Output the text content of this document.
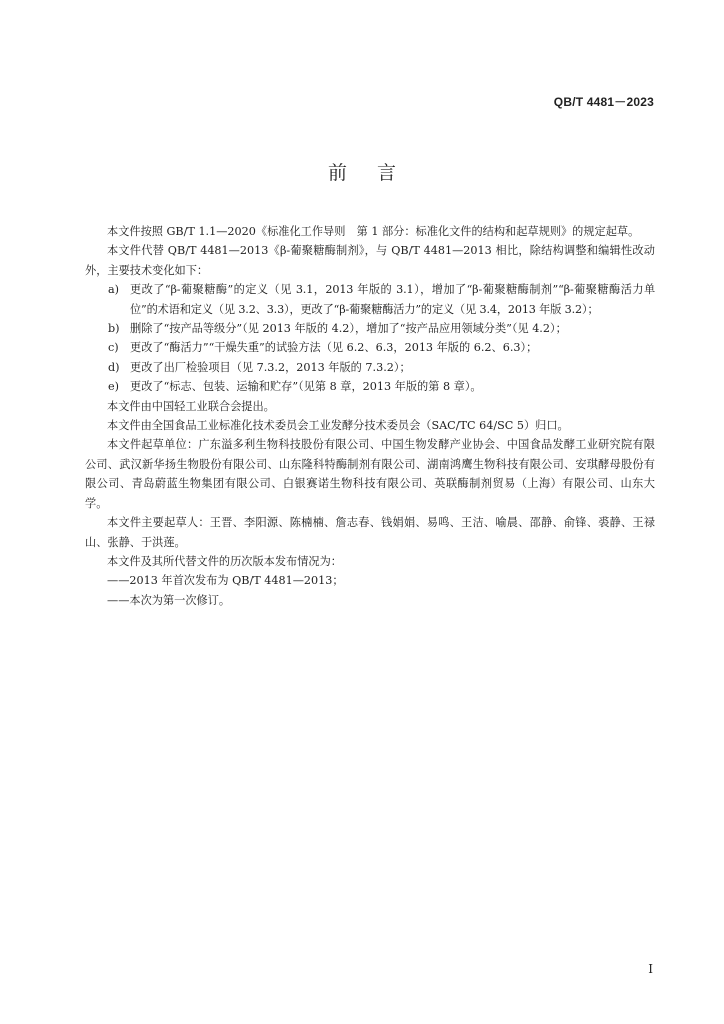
QB/T 4481－2023
前言

本文件按照 GB/T 1.1—2020《标准化工作导则　第 1 部分：标准化文件的结构和起草规则》的规定起草。

本文件代替 QB/T 4481—2013《β-葡聚糖酶制剂》，与 QB/T 4481—2013 相比，除结构调整和编辑性改动外，主要技术变化如下：

a) 更改了“β-葡聚糖酶”的定义（见 3.1，2013 年版的 3.1），增加了“β-葡聚糖酶制剂”“β-葡聚糖酶活力单位”的术语和定义（见 3.2、3.3），更改了“β-葡聚糖酶活力”的定义（见 3.4，2013 年版 3.2）；
b) 删除了“按产品等级分”（见 2013 年版的 4.2），增加了“按产品应用领域分类”（见 4.2）；
c)	更改了“酶活力”“干燥失重”的试验方法（见 6.2、6.3，2013 年版的 6.2、6.3）；
d) 更改了出厂检验项目（见 7.3.2，2013 年版的 7.3.2）；
e) 更改了“标志、包装、运输和贮存”（见第 8 章，2013 年版的第 8 章）。

本文件由中国轻工业联合会提出。

本文件由全国食品工业标准化技术委员会工业发酵分技术委员会（SAC/TC 64/SC 5）归口。

本文件起草单位：广东溢多利生物科技股份有限公司、中国生物发酵产业协会、中国食品发酵工业研究院有限公司、武汉新华扬生物股份有限公司、山东隆科特酶制剂有限公司、湖南鸿鹰生物科技有限公司、安琪酵母股份有限公司、青岛蔚蓝生物集团有限公司、白银赛诺生物科技有限公司、英联酶制剂贸易（上海）有限公司、山东大学。

本文件主要起草人：王晋、李阳源、陈楠楠、詹志春、钱娟娟、易鸣、王洁、喻晨、邵静、俞锋、裘静、王禄山、张静、于洪莲。

本文件及其所代替文件的历次版本发布情况为：

——2013 年首次发布为 QB/T 4481—2013；

——本次为第一次修订。

I
